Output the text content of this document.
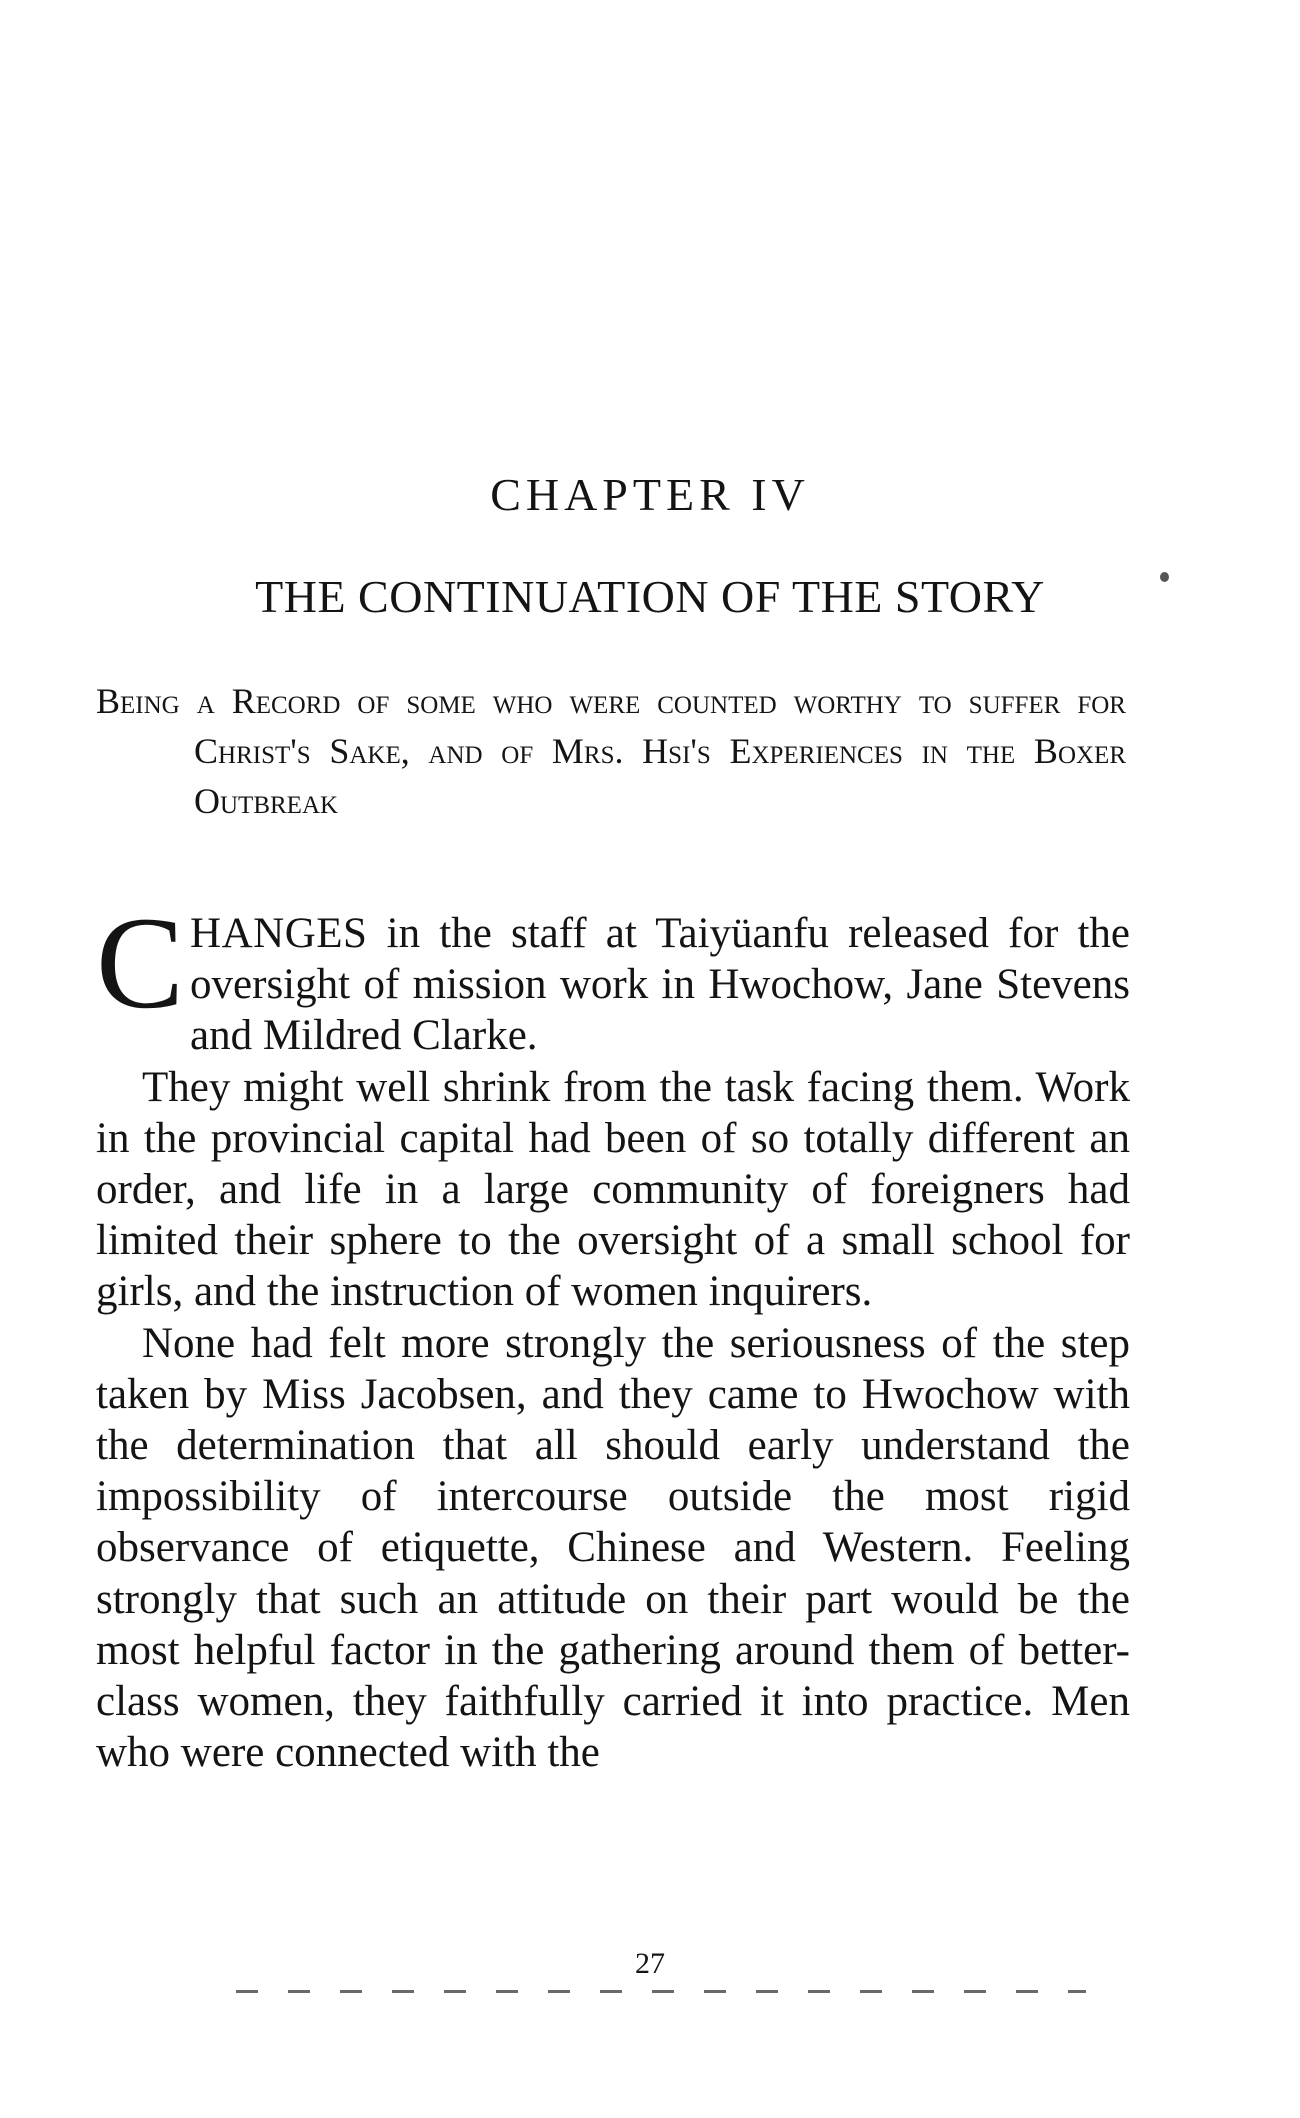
CHAPTER IV
THE CONTINUATION OF THE STORY
Being a Record of some who were counted worthy to suffer for Christ's Sake, and of Mrs. Hsi's Experiences in the Boxer Outbreak

CHANGES in the staff at Taiyüanfu released for the oversight of mission work in Hwochow, Jane Stevens and Mildred Clarke.

They might well shrink from the task facing them. Work in the provincial capital had been of so totally different an order, and life in a large community of foreigners had limited their sphere to the oversight of a small school for girls, and the instruction of women inquirers.

None had felt more strongly the seriousness of the step taken by Miss Jacobsen, and they came to Hwochow with the determination that all should early understand the impossibility of intercourse outside the most rigid observance of etiquette, Chinese and Western. Feeling strongly that such an attitude on their part would be the most helpful factor in the gathering around them of better-class women, they faithfully carried it into practice. Men who were connected with the

27
